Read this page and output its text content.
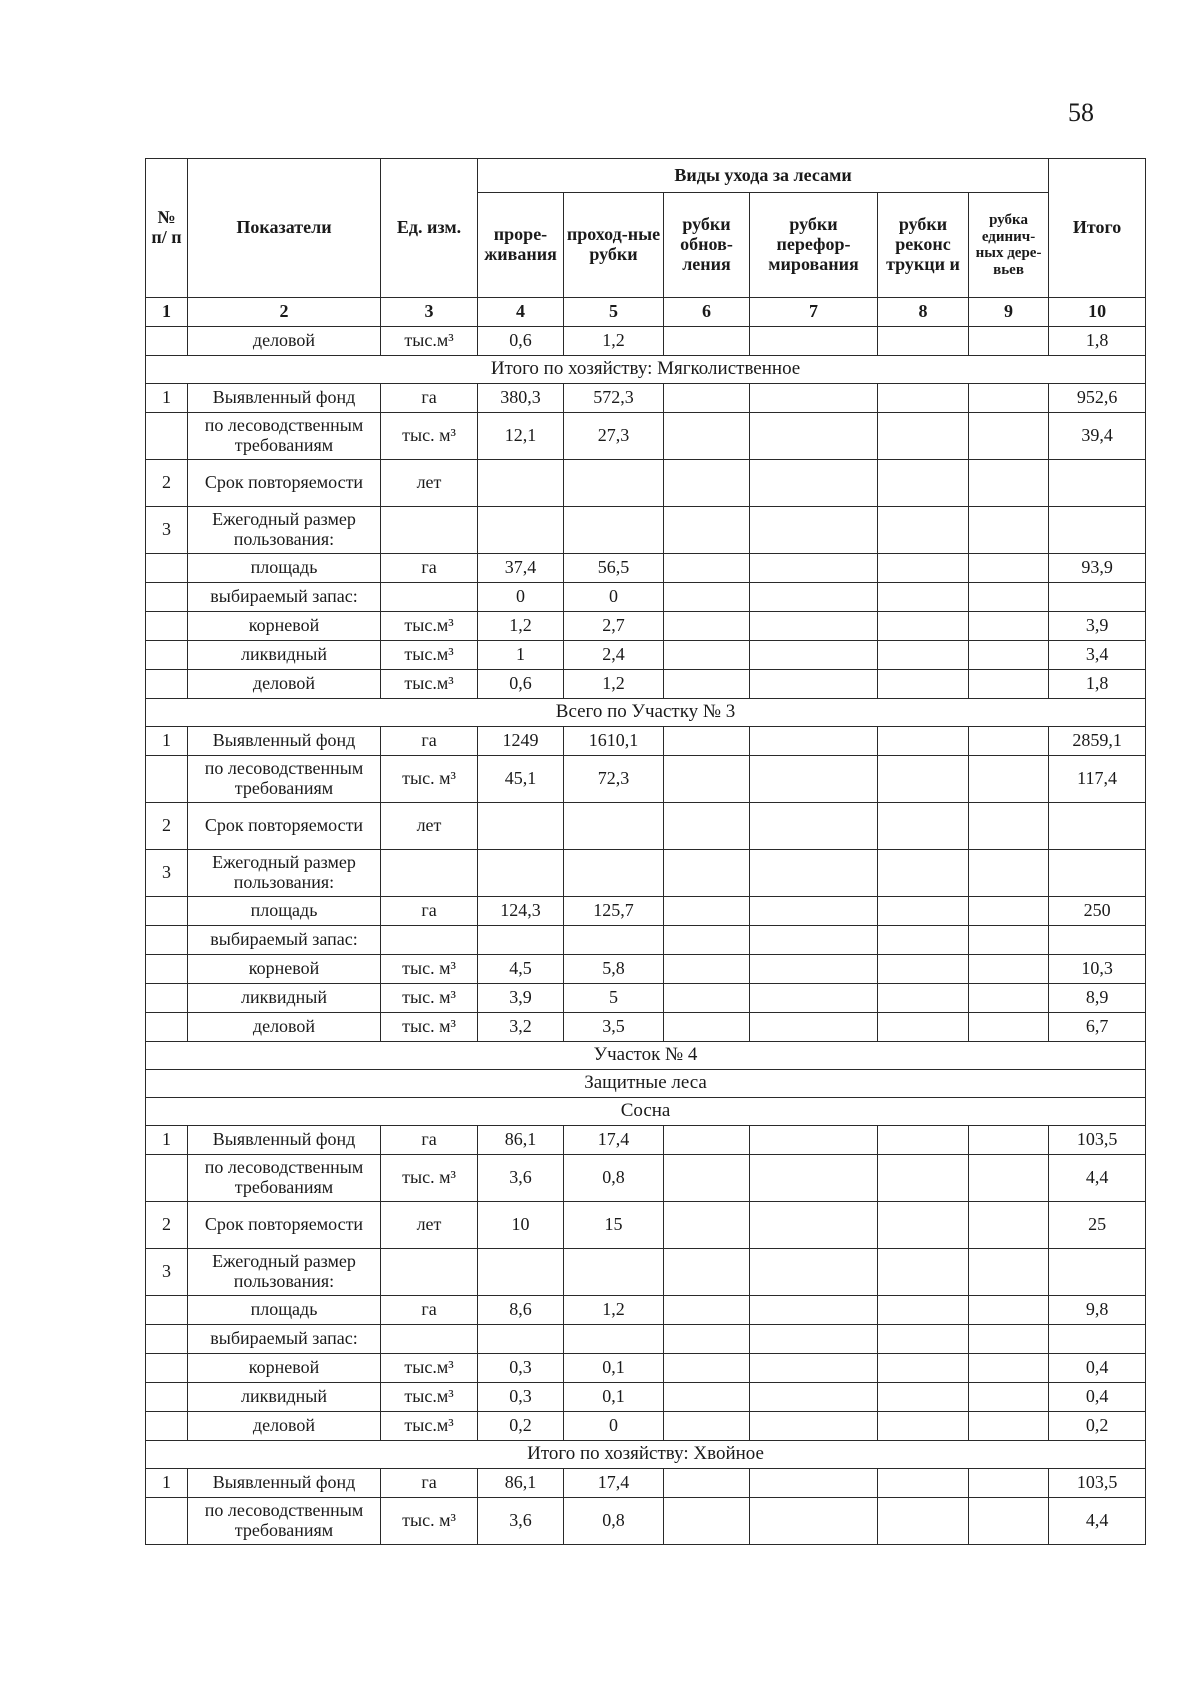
58
№ п/ п	Показатели	Ед. изм.	Виды ухода за лесами						Итого
			проре-живания	проход-ные рубки	рубки обнов-ления	рубки перефор-мирования	рубки реконс трукци и	рубка единич-ных дере-вьев	
1	2	3	4	5	6	7	8	9	10
	деловой	тыс.м³	0,6	1,2					1,8
Итого по хозяйству: Мягколиственное									
1	Выявленный фонд	га	380,3	572,3					952,6
	по лесоводственным требованиям	тыс. м³	12,1	27,3					39,4
2	Срок повторяемости	лет							
3	Ежегодный размер пользования:								
	площадь	га	37,4	56,5					93,9
	выбираемый запас:		0	0					
	корневой	тыс.м³	1,2	2,7					3,9
	ликвидный	тыс.м³	1	2,4					3,4
	деловой	тыс.м³	0,6	1,2					1,8
Всего по Участку № 3									
1	Выявленный фонд	га	1249	1610,1					2859,1
	по лесоводственным требованиям	тыс. м³	45,1	72,3					117,4
2	Срок повторяемости	лет							
3	Ежегодный размер пользования:								
	площадь	га	124,3	125,7					250
	выбираемый запас:								
	корневой	тыс. м³	4,5	5,8					10,3
	ликвидный	тыс. м³	3,9	5					8,9
	деловой	тыс. м³	3,2	3,5					6,7
Участок № 4									
Защитные леса									
Сосна									
1	Выявленный фонд	га	86,1	17,4					103,5
	по лесоводственным требованиям	тыс. м³	3,6	0,8					4,4
2	Срок повторяемости	лет	10	15					25
3	Ежегодный размер пользования:								
	площадь	га	8,6	1,2					9,8
	выбираемый запас:								
	корневой	тыс.м³	0,3	0,1					0,4
	ликвидный	тыс.м³	0,3	0,1					0,4
	деловой	тыс.м³	0,2	0					0,2
Итого по хозяйству: Хвойное									
1	Выявленный фонд	га	86,1	17,4					103,5
	по лесоводственным требованиям	тыс. м³	3,6	0,8					4,4
